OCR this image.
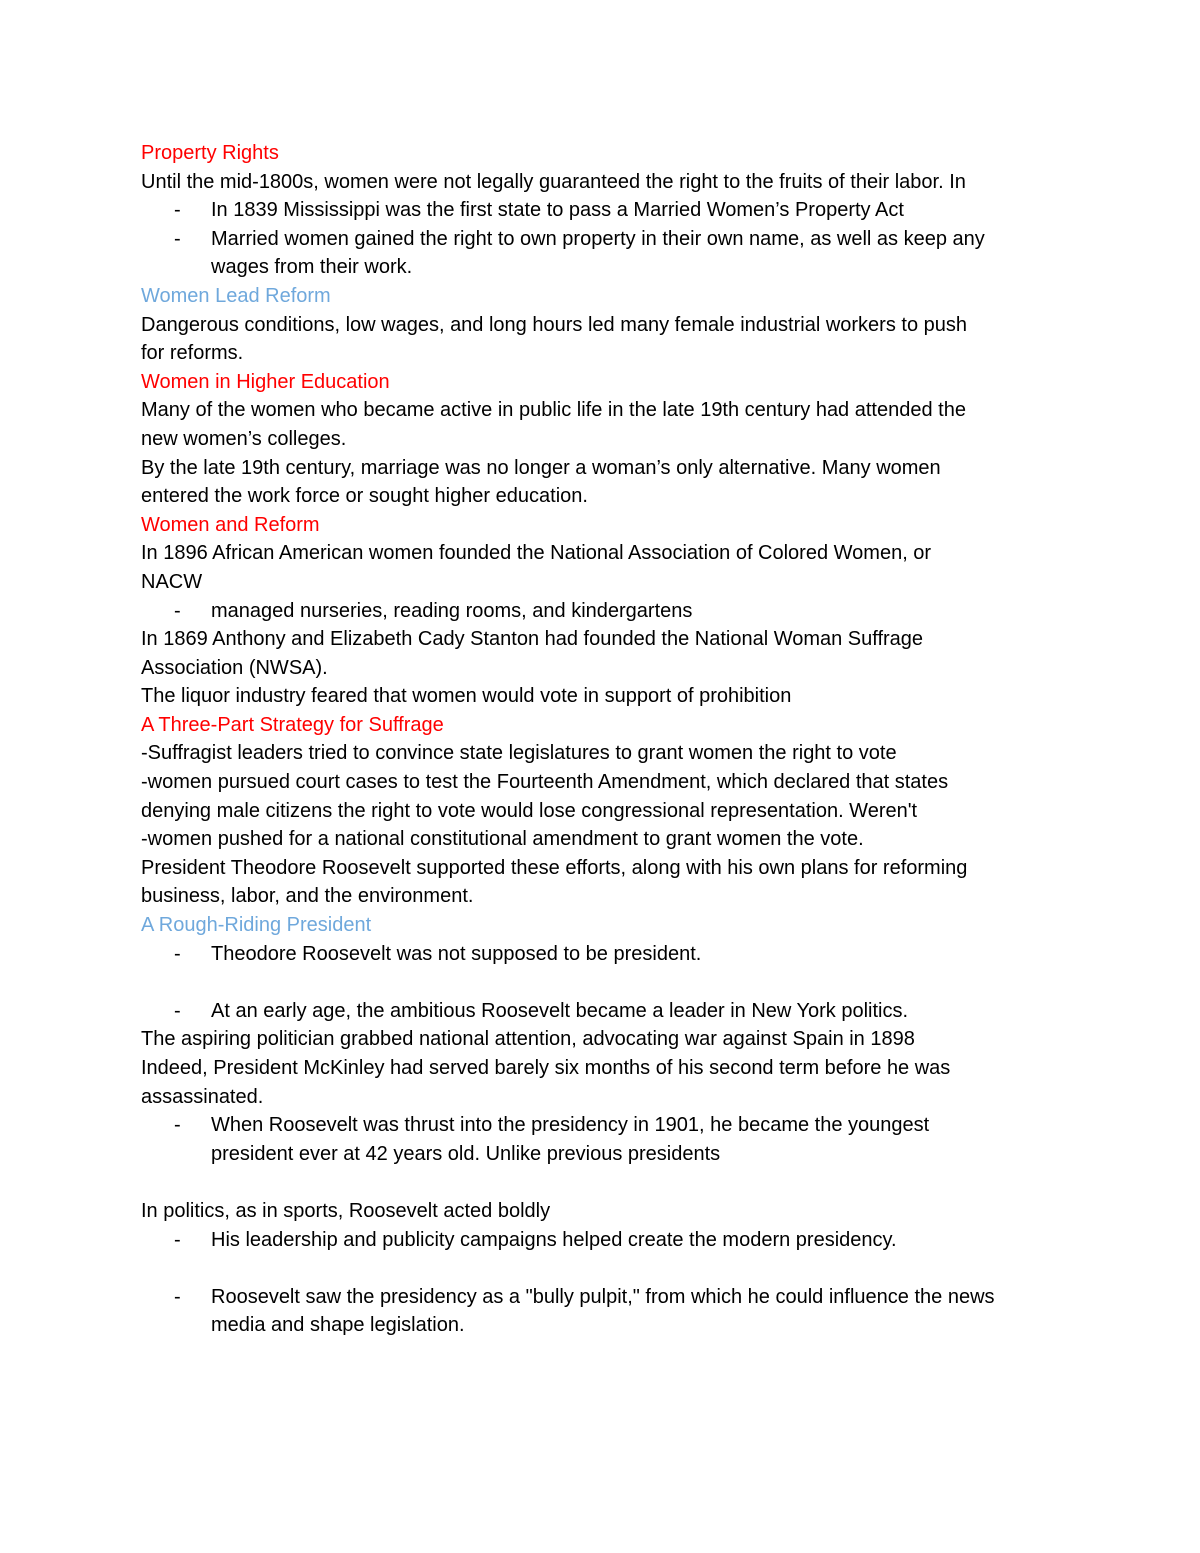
Property Rights
Until the mid-1800s, women were not legally guaranteed the right to the fruits of their labor. In
- In 1839 Mississippi was the first state to pass a Married Women’s Property Act
- Married women gained the right to own property in their own name, as well as keep any
wages from their work.
Women Lead Reform
Dangerous conditions, low wages, and long hours led many female industrial workers to push
for reforms.
Women in Higher Education
Many of the women who became active in public life in the late 19th century had attended the
new women’s colleges.
By the late 19th century, marriage was no longer a woman’s only alternative. Many women
entered the work force or sought higher education.
Women and Reform
In 1896 African American women founded the National Association of Colored Women, or
NACW
- managed nurseries, reading rooms, and kindergartens
In 1869 Anthony and Elizabeth Cady Stanton had founded the National Woman Suffrage
Association (NWSA).
The liquor industry feared that women would vote in support of prohibition
A Three-Part Strategy for Suffrage
-Suffragist leaders tried to convince state legislatures to grant women the right to vote
-women pursued court cases to test the Fourteenth Amendment, which declared that states
denying male citizens the right to vote would lose congressional representation. Weren't
-women pushed for a national constitutional amendment to grant women the vote.
President Theodore Roosevelt supported these efforts, along with his own plans for reforming
business, labor, and the environment.
A Rough-Riding President
- Theodore Roosevelt was not supposed to be president.
- At an early age, the ambitious Roosevelt became a leader in New York politics.
The aspiring politician grabbed national attention, advocating war against Spain in 1898
Indeed, President McKinley had served barely six months of his second term before he was
assassinated.
- When Roosevelt was thrust into the presidency in 1901, he became the youngest
president ever at 42 years old. Unlike previous presidents
In politics, as in sports, Roosevelt acted boldly
- His leadership and publicity campaigns helped create the modern presidency.
- Roosevelt saw the presidency as a "bully pulpit," from which he could influence the news
media and shape legislation.
